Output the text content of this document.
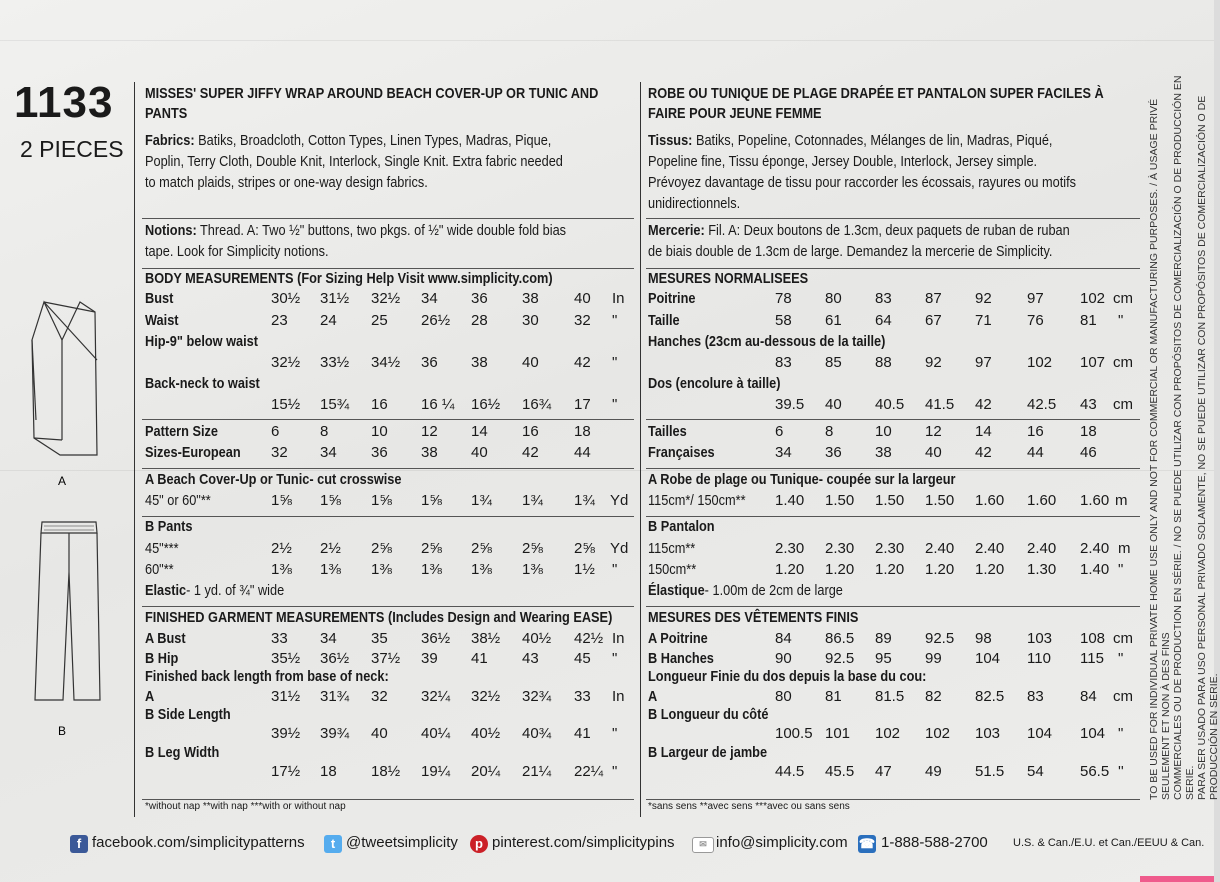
1133
2 PIECES
A
B
MISSES' SUPER JIFFY WRAP AROUND BEACH COVER-UP OR TUNIC AND
PANTS
Fabrics: Batiks, Broadcloth, Cotton Types, Linen Types, Madras, Pique,
Poplin, Terry Cloth, Double Knit, Interlock, Single Knit. Extra fabric needed
to match plaids, stripes or one-way design fabrics.
Notions: Thread. A: Two ½" buttons, two pkgs. of ½" wide double fold bias
tape. Look for Simplicity notions.
BODY MEASUREMENTS (For Sizing Help Visit www.simplicity.com)
Bust	30½ 31½ 32½ 34 36 38 40 In
Waist	23 24 25 26½ 28 30 32 "
Hip-9" below waist
32½ 33½ 34½ 36 38 40 42 "
Back-neck to waist
15½ 15¾ 16 16 ¼ 16½ 16¾ 17 "
Pattern Size	6	8	10 12 14 16 18
Sizes-European	32 34 36 38 40 42 44
A Beach Cover-Up or Tunic- cut crosswise
45" or 60"**	1⅝ 1⅝ 1⅝ 1⅝ 1¾ 1¾ 1¾ Yd
B Pants
45"***	2½ 2½ 2⅝ 2⅝ 2⅝ 2⅝ 2⅝ Yd
60"**	1⅜ 1⅜ 1⅜ 1⅜ 1⅜ 1⅜ 1½ "
Elastic- 1 yd. of ¾" wide
FINISHED GARMENT MEASUREMENTS (Includes Design and Wearing EASE)
A Bust	33 34 35 36½ 38½ 40½ 42½ In
B Hip	35½ 36½ 37½ 39 41 43 45 "
Finished back length from base of neck:
A	31½ 31¾ 32 32¼ 32½ 32¾ 33 In
B Side Length
39½ 39¾ 40 40¼ 40½ 40¾ 41 "
B Leg Width
17½ 18 18½ 19¼ 20¼ 21¼ 22¼ "
*without nap **with nap ***with or without nap
ROBE OU TUNIQUE DE PLAGE DRAPÉE ET PANTALON SUPER FACILES À
FAIRE POUR JEUNE FEMME
Tissus: Batiks, Popeline, Cotonnades, Mélanges de lin, Madras, Piqué,
Popeline fine, Tissu éponge, Jersey Double, Interlock, Jersey simple.
Prévoyez davantage de tissu pour raccorder les écossais, rayures ou motifs
unidirectionnels.
Mercerie: Fil. A: Deux boutons de 1.3cm, deux paquets de ruban de ruban
de biais double de 1.3cm de large. Demandez la mercerie de Simplicity.
MESURES NORMALISEES
Poitrine	78 80 83 87 92 97 102 cm
Taille	58 61 64 67 71 76 81 "
Hanches (23cm au-dessous de la taille)
83 85 88 92 97 102 107 cm
Dos (encolure à taille)
39.5 40 40.5 41.5 42 42.5 43 cm
Tailles	6	8	10 12 14 16 18
Françaises	34 36 38 40 42 44 46
A Robe de plage ou Tunique- coupée sur la largeur
115cm*/ 150cm**	1.40 1.50 1.50 1.50 1.60 1.60 1.60 m
B Pantalon
115cm**	2.30 2.30 2.30 2.40 2.40 2.40 2.40 m
150cm**	1.20 1.20 1.20 1.20 1.20 1.30 1.40 "
Élastique- 1.00m de 2cm de large
MESURES DES VÊTEMENTS FINIS
A Poitrine	84 86.5 89 92.5 98 103 108 cm
B Hanches	90 92.5 95 99 104 110 115 "
Longueur Finie du dos depuis la base du cou:
A	80 81 81.5 82 82.5 83 84 cm
B Longueur du côté
100.5 101 102 102 103 104 104 "
B Largeur de jambe
44.5 45.5 47 49 51.5 54 56.5 ''
*sans sens **avec sens ***avec ou sans sens
TO BE USED FOR INDIVIDUAL PRIVATE HOME USE ONLY AND NOT FOR COMMERCIAL OR MANUFACTURING PURPOSES. / À USAGE PRIVÉ SEULEMENT ET NON À DES FINS COMMERCIALES OU DE PRODUCTION EN SÉRIE. / NO SE PUEDE UTILIZAR CON PROPÓSITOS DE COMERCIALIZACIÓN O DE PRODUCCIÓN EN SERIE. PARA SER USADO PARA USO PERSONAL PRIVADO SOLAMENTE, NO SE PUEDE UTILIZAR CON PROPÓSITOS DE COMERCIALIZACIÓN O DE PRODUCCIÓN EN SERIE.
f facebook.com/simplicitypatterns	t @tweetsimplicity	p pinterest.com/simplicitypins	✉ info@simplicity.com ☎ 1-888-588-2700 U.S. & Can./E.U. et Can./EEUU & Can.
